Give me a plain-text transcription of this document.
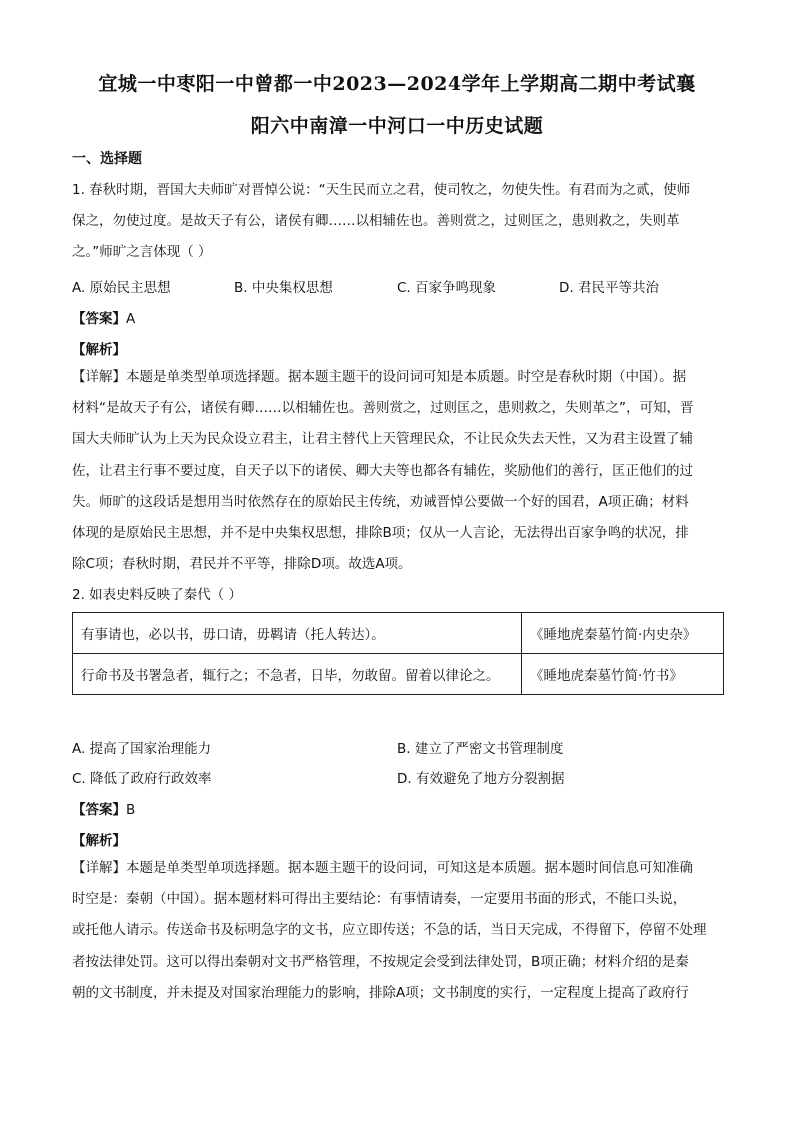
宜城一中枣阳一中曾都一中2023—2024学年上学期高二期中考试襄
阳六中南漳一中河口一中历史试题
一、选择题
1. 春秋时期，晋国大夫师旷对晋悼公说：“天生民而立之君，使司牧之，勿使失性。有君而为之贰，使师
保之，勿使过度。是故天子有公，诸侯有卿……以相辅佐也。善则赏之，过则匡之，患则救之，失则革
之。”师旷之言体现（ ）
A. 原始民主思想	B. 中央集权思想	C. 百家争鸣现象	D. 君民平等共治
【答案】A
【解析】
【详解】本题是单类型单项选择题。据本题主题干的设问词可知是本质题。时空是春秋时期（中国）。据
材料“是故天子有公，诸侯有卿……以相辅佐也。善则赏之，过则匡之，患则救之，失则革之”，可知，晋
国大夫师旷认为上天为民众设立君主，让君主替代上天管理民众，不让民众失去天性，又为君主设置了辅
佐，让君主行事不要过度，自天子以下的诸侯、卿大夫等也都各有辅佐，奖励他们的善行，匡正他们的过
失。师旷的这段话是想用当时依然存在的原始民主传统，劝诫晋悼公要做一个好的国君，A项正确；材料
体现的是原始民主思想，并不是中央集权思想，排除B项；仅从一人言论，无法得出百家争鸣的状况，排
除C项；春秋时期，君民并不平等，排除D项。故选A项。
2. 如表史料反映了秦代（ ）
有事请也，必以书，毋口请，毋羁请（托人转达）。	《睡地虎秦墓竹简·内史杂》
行命书及书署急者，辄行之；不急者，日毕，勿敢留。留着以律论之。	《睡地虎秦墓竹简·竹书》
A. 提高了国家治理能力	B. 建立了严密文书管理制度
C. 降低了政府行政效率	D. 有效避免了地方分裂割据
【答案】B
【解析】
【详解】本题是单类型单项选择题。据本题主题干的设问词，可知这是本质题。据本题时间信息可知准确
时空是：秦朝（中国）。据本题材料可得出主要结论：有事情请奏，一定要用书面的形式，不能口头说，
或托他人请示。传送命书及标明急字的文书，应立即传送；不急的话，当日天完成，不得留下，停留不处理
者按法律处罚。这可以得出秦朝对文书严格管理，不按规定会受到法律处罚，B项正确；材料介绍的是秦
朝的文书制度，并未提及对国家治理能力的影响，排除A项；文书制度的实行，一定程度上提高了政府行
